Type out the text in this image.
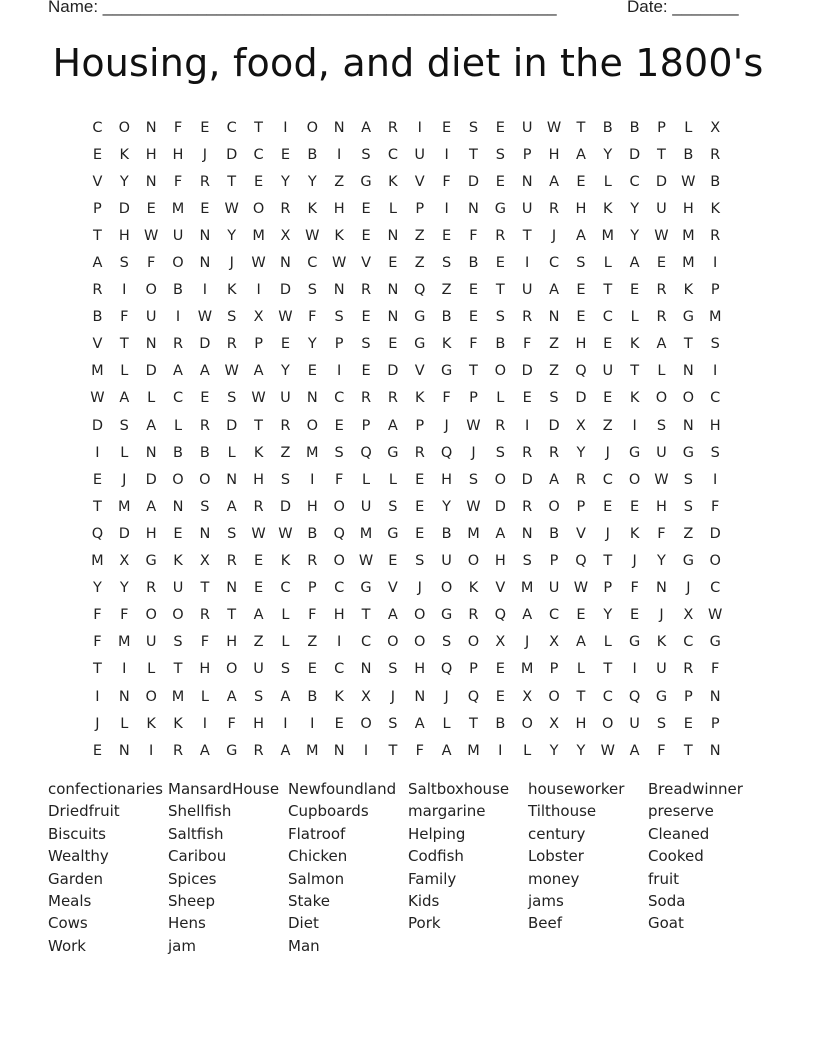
Name: ________________________________________________	Date: _______
Housing, food, and diet in the 1800's
C	O	N	F	E	C	T	I	O	N	A	R	I	E	S	E	U W	T	B	B	P	L	X
E	K	H	H	J	D	C	E	B	I	S	C	U	I	T	S	P	H	A	Y	D	T	B	R
V	Y	N	F	R	T	E	Y	Y	Z	G	K	V	F	D	E	N	A	E	L	C	D W	B
P	D	E	M	E	W O	R	K	H	E	L	P	I	N	G	U	R	H	K	Y	U	H	K
T	H W U	N	Y	M	X	W	K	E	N	Z	E	F	R	T	J	A	M	Y	W M	R
A	S	F	O	N	J	W N	C	W	V	E	Z	S	B	E	I	C	S	L	A	E	M	I
R	I	O	B	I	K	I	D	S	N	R	N	Q	Z	E	T	U	A	E	T	E	R	K	P
B	F	U	I	W	S	X	W	F	S	E	N	G	B	E	S	R	N	E	C	L	R	G	M
V	T	N	R	D	R	P	E	Y	P	S	E	G	K	F	B	F	Z	H	E	K	A	T	S
M	L	D	A	A	W	A	Y	E	I	E	D	V	G	T	O	D	Z	Q	U	T	L	N	I
W	A	L	C	E	S	W U	N	C	R	R	K	F	P	L	E	S	D	E	K	O	O	C
D	S	A	L	R	D	T	R	O	E	P	A	P	J	W	R	I	D	X	Z	I	S	N	H
I	L	N	B	B	L	K	Z	M	S	Q	G	R	Q	J	S	R	R	Y	J	G	U	G	S
E	J	D	O	O	N	H	S	I	F	L	L	E	H	S	O	D	A	R	C	O W	S	I
T	M	A	N	S	A	R	D	H	O	U	S	E	Y	W D	R	O	P	E	E	H	S	F
Q	D	H	E	N	S	W W	B	Q	M	G	E	B	M	A	N	B	V	J	K	F	Z	D
M	X	G	K	X	R	E	K	R	O W	E	S	U	O	H	S	P	Q	T	J	Y	G	O
Y	Y	R	U	T	N	E	C	P	C	G	V	J	O	K	V	M	U W	P	F	N	J	C
F	F	O	O	R	T	A	L	F	H	T	A	O	G	R	Q	A	C	E	Y	E	J	X	W
F	M	U	S	F	H	Z	L	Z	I	C	O	O	S	O	X	J	X	A	L	G	K	C	G
T	I	L	T	H	O	U	S	E	C	N	S	H	Q	P	E	M	P	L	T	I	U	R	F
I	N	O	M	L	A	S	A	B	K	X	J	N	J	Q	E	X	O	T	C	Q	G	P	N
J	L	K	K	I	F	H	I	I	E	O	S	A	L	T	B	O	X	H	O	U	S	E	P
E	N	I	R	A	G	R	A	M	N	I	T	F	A	M	I	L	Y	Y	W	A	F	T	N
confectionaries MansardHouse Newfoundland Saltboxhouse	houseworker	Breadwinner
Driedfruit	Shellfish	Cupboards	margarine	Tilthouse	preserve
Biscuits	Saltfish	Flatroof	Helping	century	Cleaned
Wealthy	Caribou	Chicken	Codfish	Lobster	Cooked
Garden	Spices	Salmon	Family	money	fruit
Meals	Sheep	Stake	Kids	jams	Soda
Cows	Hens	Diet	Pork	Beef	Goat
Work	jam	Man
